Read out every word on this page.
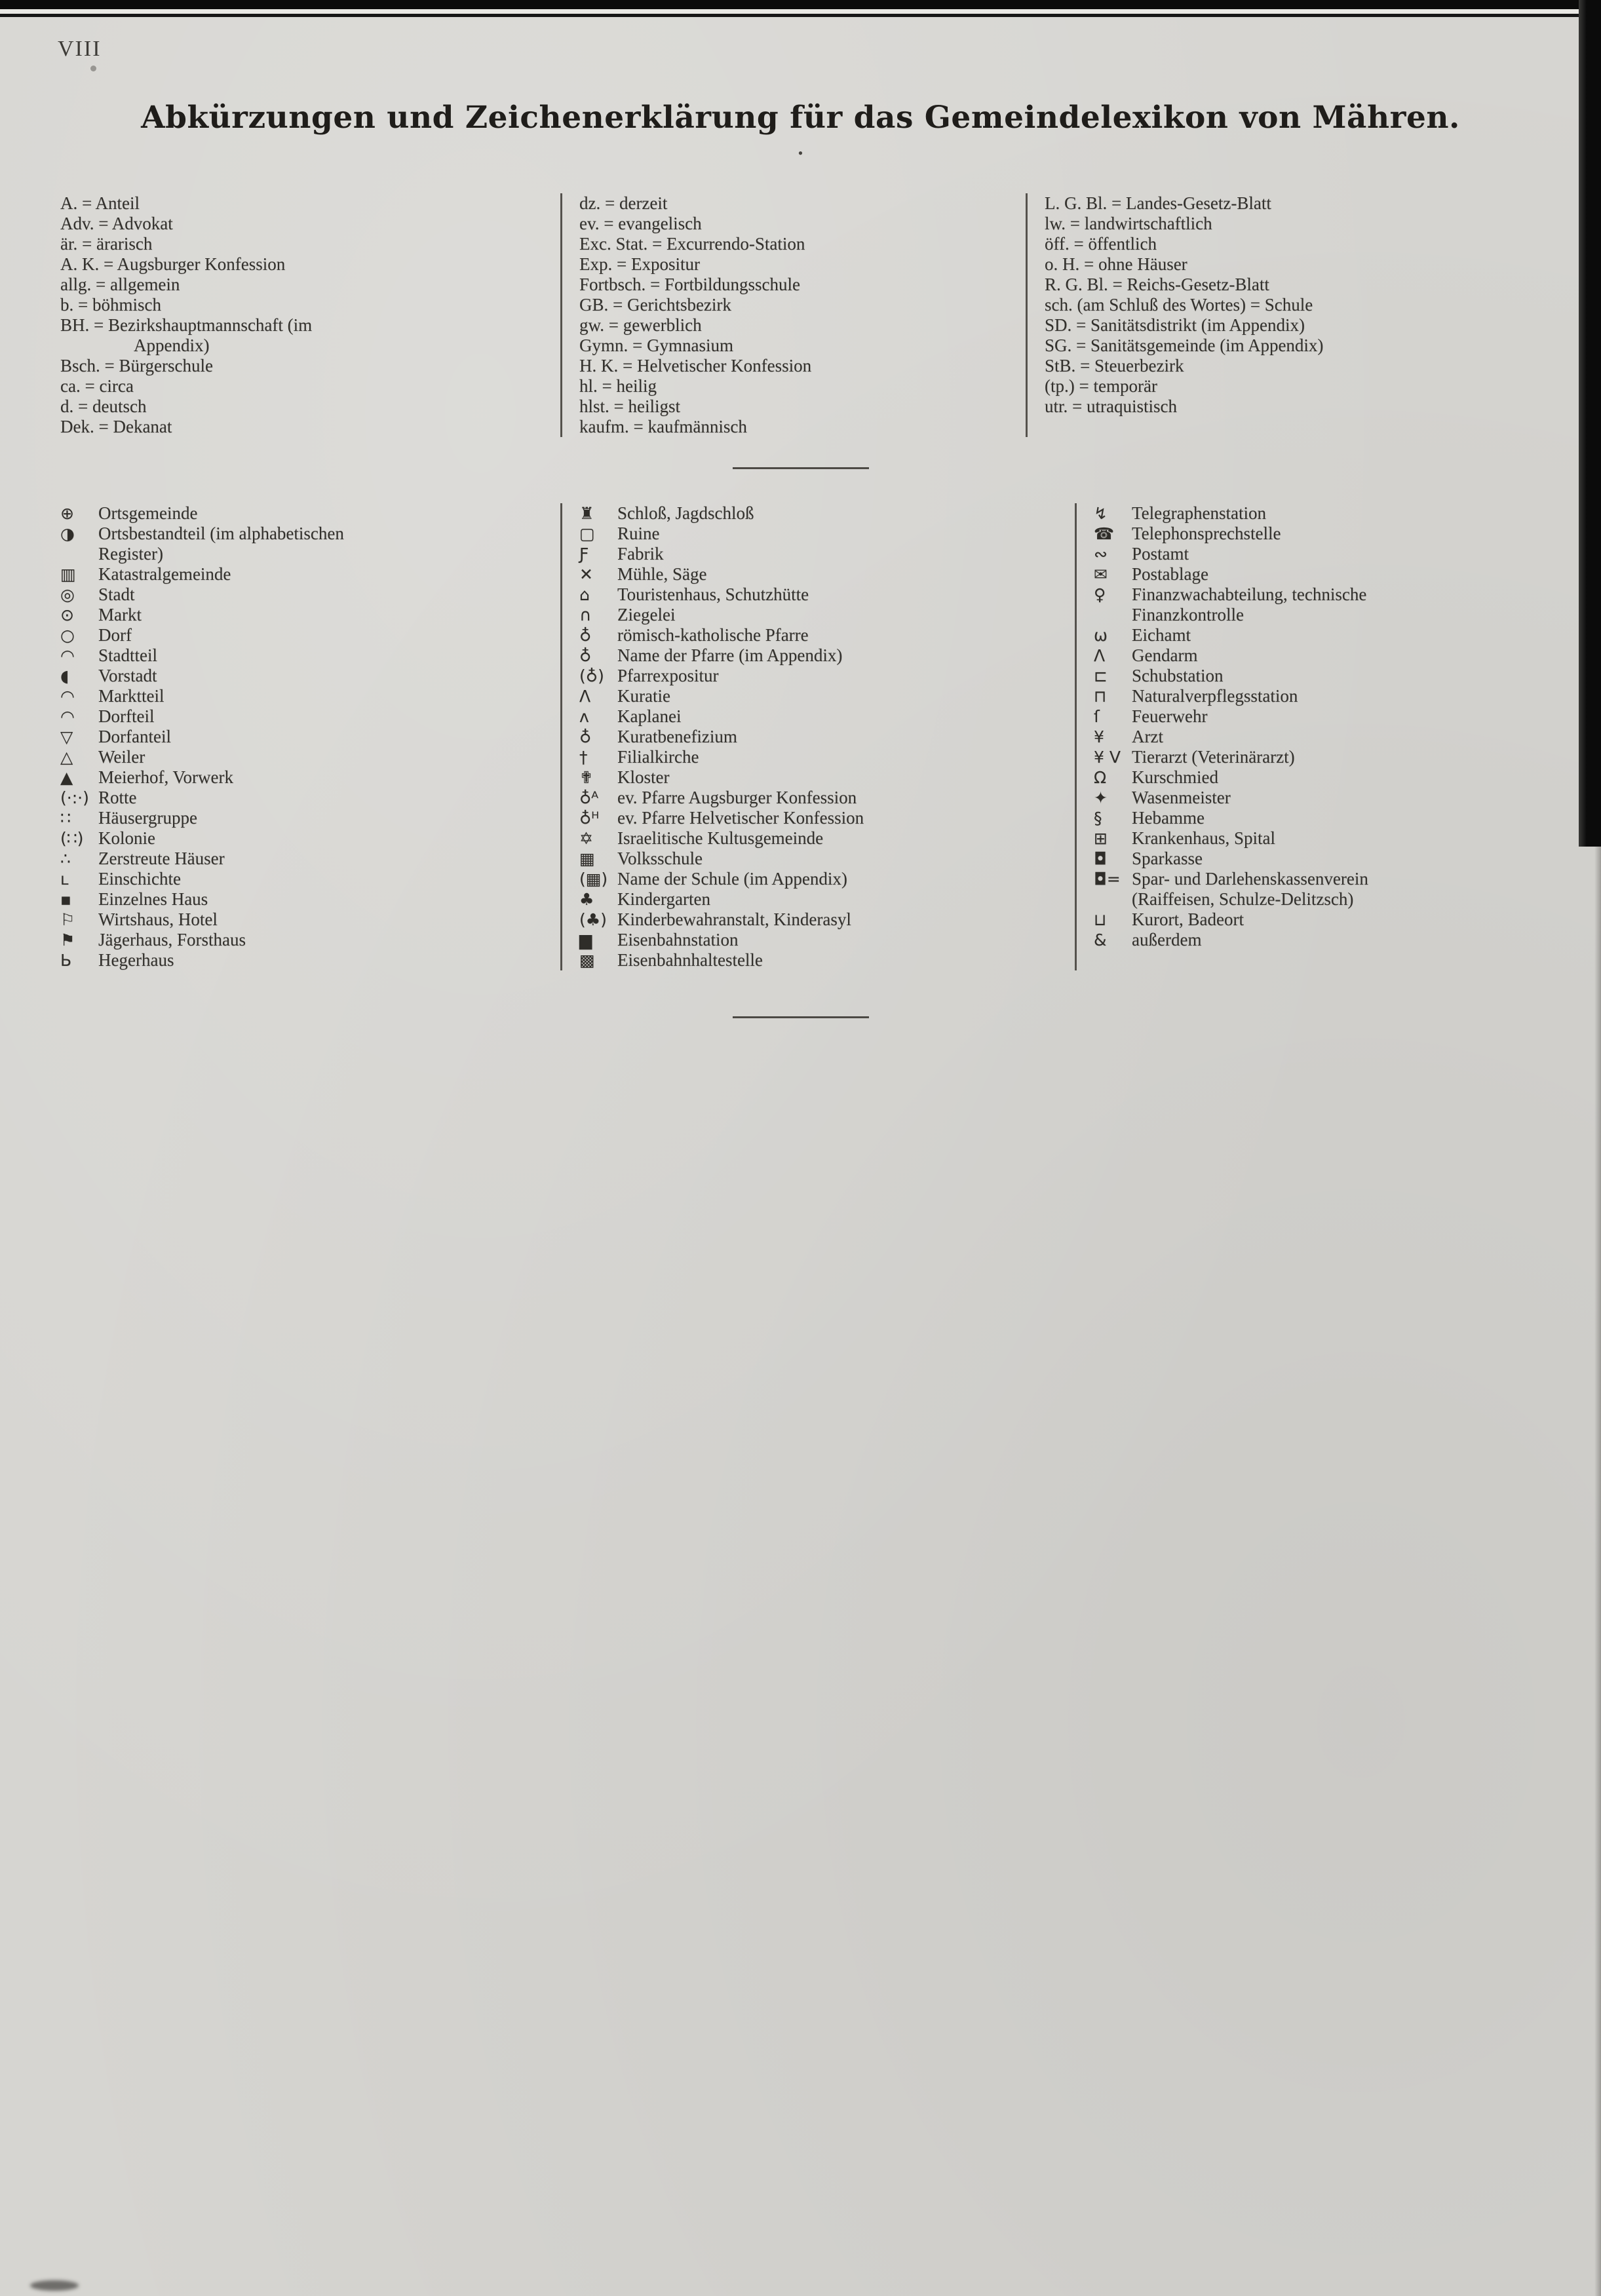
VIII
Abkürzungen und Zeichenerklärung für das Gemeindelexikon von Mähren.
•
A. = Anteil
Adv. = Advokat
är. = ärarisch
A. K. = Augsburger Konfession
allg. = allgemein
b. = böhmisch
BH. = Bezirkshauptmannschaft (im
Appendix)
Bsch. = Bürgerschule
ca. = circa
d. = deutsch
Dek. = Dekanat
dz. = derzeit
ev. = evangelisch
Exc. Stat. = Excurrendo-Station
Exp. = Expositur
Fortbsch. = Fortbildungsschule
GB. = Gerichtsbezirk
gw. = gewerblich
Gymn. = Gymnasium
H. K. = Helvetischer Konfession
hl. = heilig
hlst. = heiligst
kaufm. = kaufmännisch
L. G. Bl. = Landes-Gesetz-Blatt
lw. = landwirtschaftlich
öff. = öffentlich
o. H. = ohne Häuser
R. G. Bl. = Reichs-Gesetz-Blatt
sch. (am Schluß des Wortes) = Schule
SD. = Sanitätsdistrikt (im Appendix)
SG. = Sanitätsgemeinde (im Appendix)
StB. = Steuerbezirk
(tp.) = temporär
utr. = utraquistisch
⊕	Ortsgemeinde
◑	Ortsbestandteil (im alphabetischen
Register)
▥	Katastralgemeinde
◎	Stadt
⊙	Markt
○	Dorf
◠	Stadtteil
◖	Vorstadt
◠	Marktteil
◠	Dorfteil
▽	Dorfanteil
△	Weiler
▲	Meierhof, Vorwerk
(·:·) Rotte
∷	Häusergruppe
(∷) Kolonie
∴	Zerstreute Häuser
ʟ	Einschichte
▪	Einzelnes Haus
⚐	Wirtshaus, Hotel
⚑	Jägerhaus, Forsthaus
Ь	Hegerhaus
♜	Schloß, Jagdschloß
▢	Ruine
Ƒ	Fabrik
✕	Mühle, Säge
⌂	Touristenhaus, Schutzhütte
∩	Ziegelei
♁	römisch-katholische Pfarre
♁	Name der Pfarre (im Appendix)
(♁) Pfarrexpositur
Λ	Kuratie
ʌ	Kaplanei
♁	Kuratbenefizium
†	Filialkirche
✟	Kloster
♁ᴬ	ev. Pfarre Augsburger Konfession
♁ᴴ	ev. Pfarre Helvetischer Konfession
✡	Israelitische Kultusgemeinde
▦	Volksschule
(▦) Name der Schule (im Appendix)
♣	Kindergarten
(♣) Kinderbewahranstalt, Kinderasyl
▆	Eisenbahnstation
▩	Eisenbahnhaltestelle
↯	Telegraphenstation
☎ Telephonsprechstelle
∾	Postamt
✉	Postablage
♀	Finanzwachabteilung, technische
Finanzkontrolle
ω	Eichamt
Λ	Gendarm
⊏	Schubstation
⊓	Naturalverpflegsstation
ſ	Feuerwehr
¥	Arzt
¥ V Tierarzt (Veterinärarzt)
Ω	Kurschmied
✦	Wasenmeister
§	Hebamme
⊞	Krankenhaus, Spital
◘	Sparkasse
◘= Spar- und Darlehenskassenverein
(Raiffeisen, Schulze-Delitzsch)
⊔	Kurort, Badeort
&	außerdem
